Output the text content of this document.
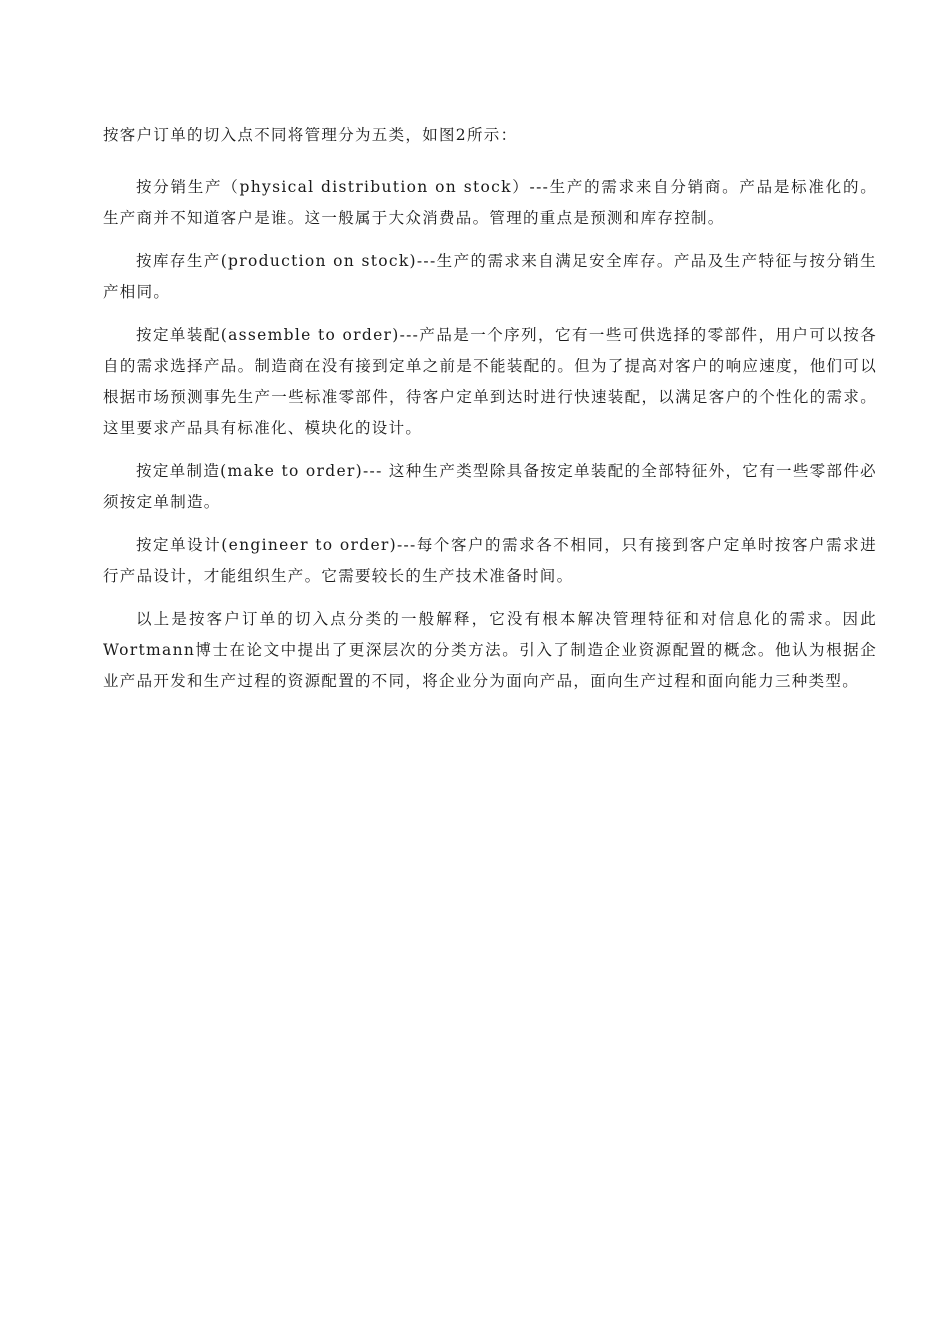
按客户订单的切入点不同将管理分为五类，如图2所示：

按分销生产（physical distribution on stock）---生产的需求来自分销商。产品是标准化的。生产商并不知道客户是谁。这一般属于大众消费品。管理的重点是预测和库存控制。

按库存生产(production on stock)---生产的需求来自满足安全库存。产品及生产特征与按分销生产相同。

按定单装配(assemble to order)---产品是一个序列，它有一些可供选择的零部件，用户可以按各自的需求选择产品。制造商在没有接到定单之前是不能装配的。但为了提高对客户的响应速度，他们可以根据市场预测事先生产一些标准零部件，待客户定单到达时进行快速装配，以满足客户的个性化的需求。这里要求产品具有标准化、模块化的设计。

按定单制造(make to order)--- 这种生产类型除具备按定单装配的全部特征外，它有一些零部件必须按定单制造。

按定单设计(engineer to order)---每个客户的需求各不相同，只有接到客户定单时按客户需求进行产品设计，才能组织生产。它需要较长的生产技术准备时间。

以上是按客户订单的切入点分类的一般解释，它没有根本解决管理特征和对信息化的需求。因此Wortmann博士在论文中提出了更深层次的分类方法。引入了制造企业资源配置的概念。他认为根据企业产品开发和生产过程的资源配置的不同，将企业分为面向产品，面向生产过程和面向能力三种类型。
